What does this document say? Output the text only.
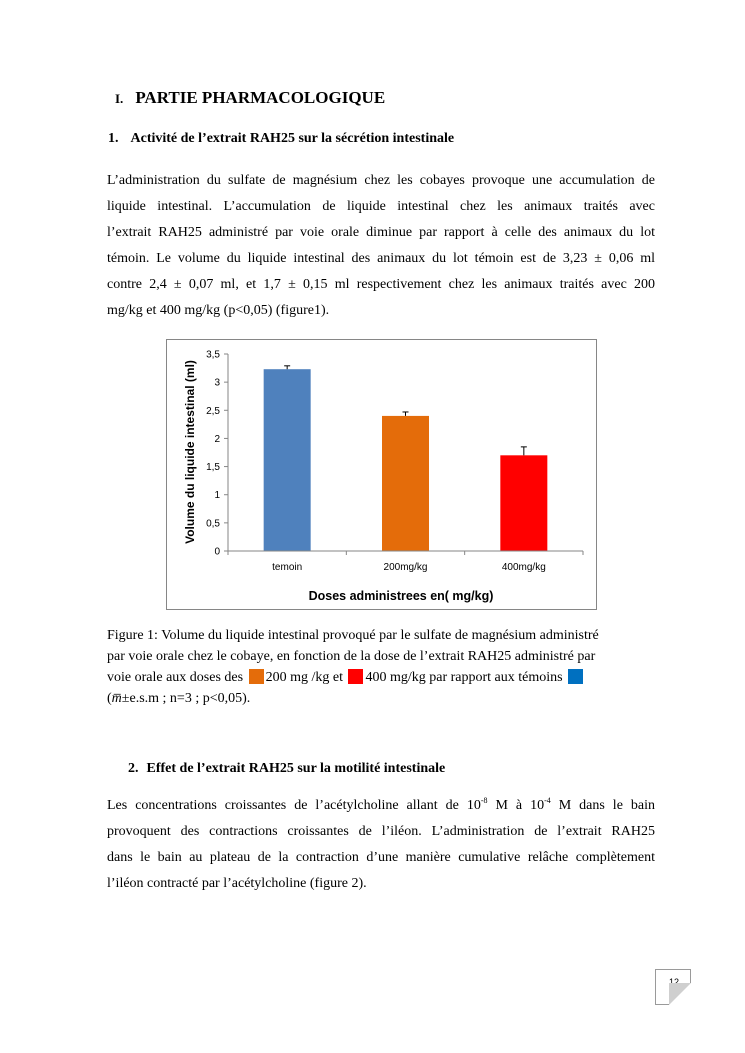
I. PARTIE PHARMACOLOGIQUE
1. Activité de l’extrait RAH25 sur la sécrétion intestinale
L’administration du sulfate de magnésium chez les cobayes provoque une accumulation de
liquide intestinal. L’accumulation de liquide intestinal chez les animaux traités avec
l’extrait RAH25 administré par voie orale diminue par rapport à celle des animaux du lot
témoin. Le volume du liquide intestinal des animaux du lot témoin est de 3,23 ± 0,06 ml
contre 2,4 ± 0,07 ml, et 1,7 ± 0,15 ml respectivement chez les animaux traités avec 200
mg/kg et 400 mg/kg (p<0,05) (figure1).
0
0,5
1
1,5
2
2,5
3
3,5
temoin	200mg/kg	400mg/kg
Volume du liquide intestinal (ml)
Doses administrees en( mg/kg)
Figure 1: Volume du liquide intestinal provoqué par le sulfate de magnésium administré
par voie orale chez le cobaye, en fonction de la dose de l’extrait RAH25 administré par
voie orale aux doses des 200 mg /kg et 400 mg/kg par rapport aux témoins
(m̅±e.s.m ; n=3 ; p<0,05).
2. Effet de l’extrait RAH25 sur la motilité intestinale
Les concentrations croissantes de l’acétylcholine allant de $10^{-8}$ M à $10^{-4}$ M dans le bain
provoquent des contractions croissantes de l’iléon. L’administration de l’extrait RAH25
dans le bain au plateau de la contraction d’une manière cumulative relâche complètement
l’iléon contracté par l’acétylcholine (figure 2).
12
